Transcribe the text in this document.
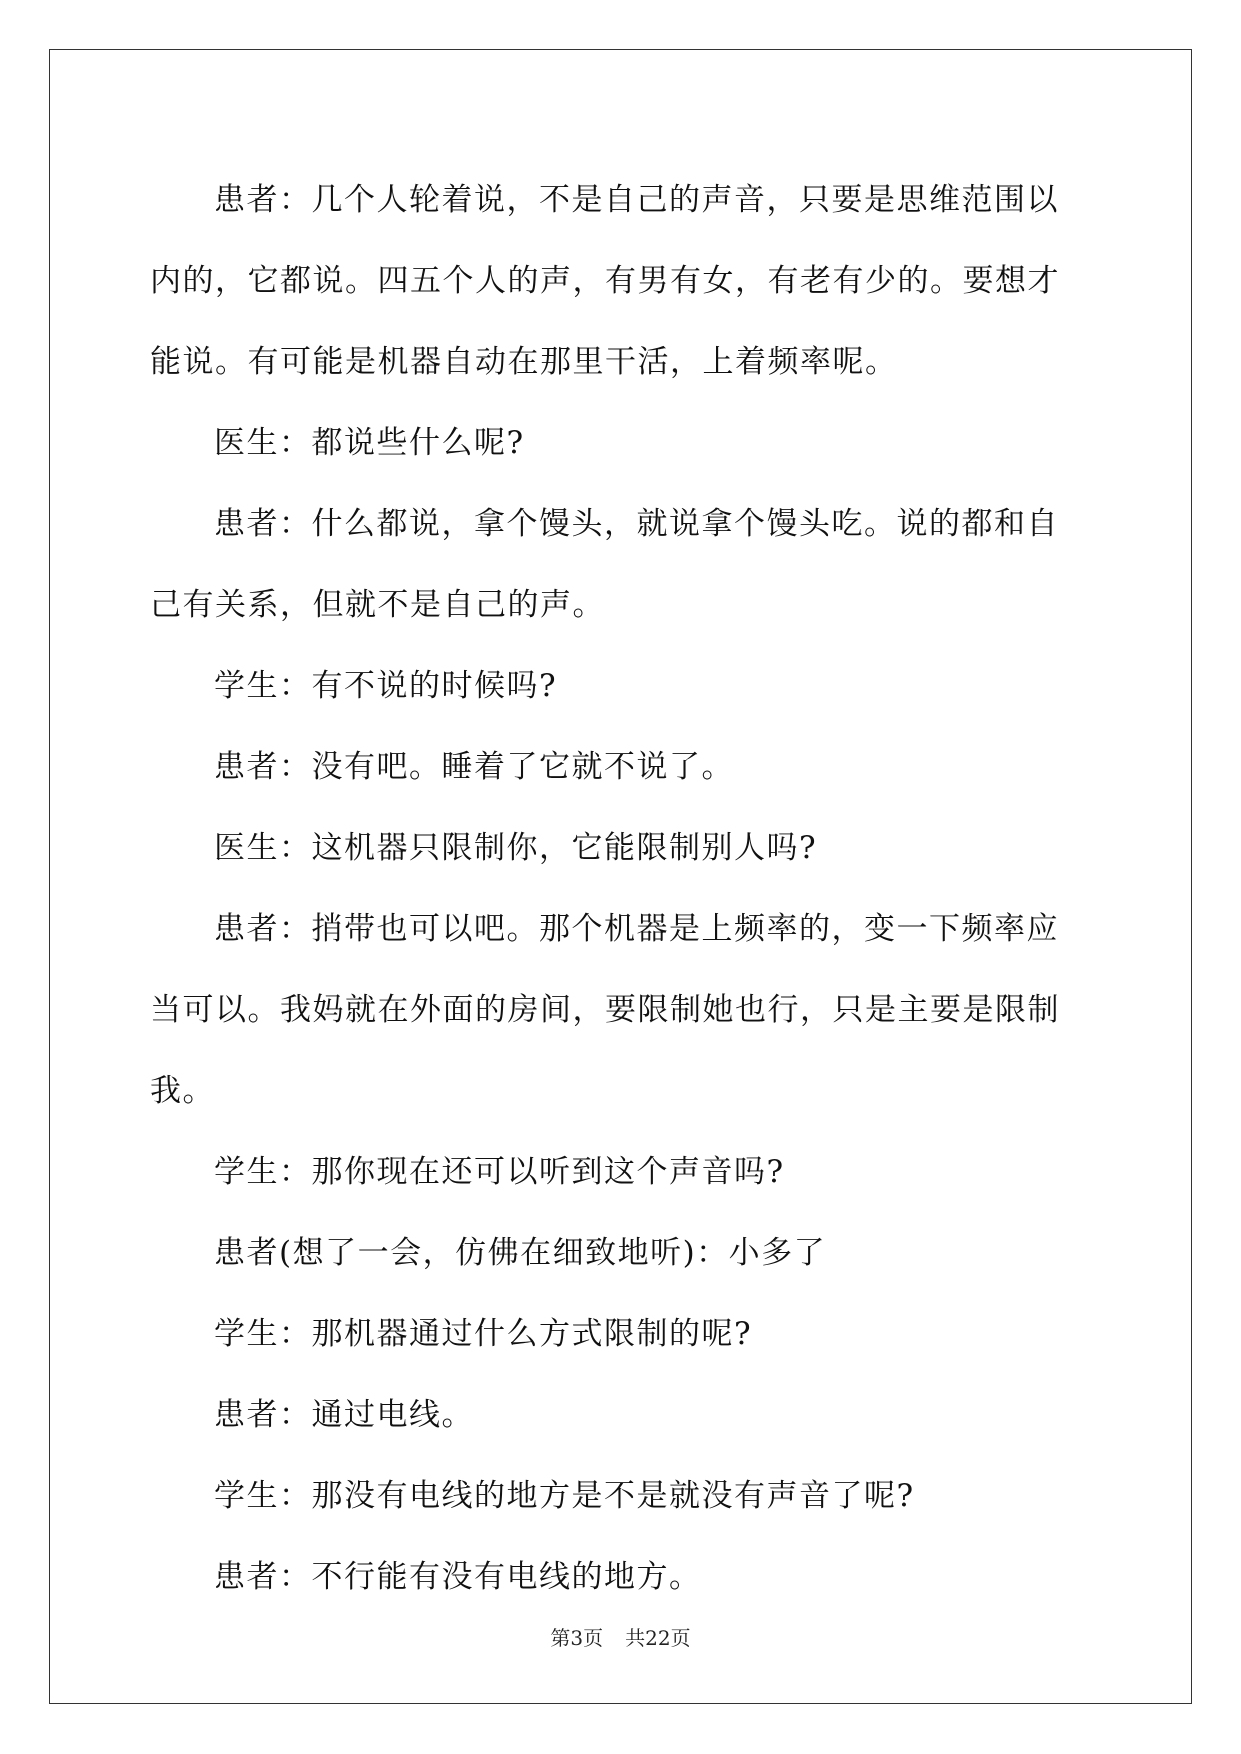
患者：几个人轮着说，不是自己的声音，只要是思维范围以内的，它都说。四五个人的声，有男有女，有老有少的。要想才能说。有可能是机器自动在那里干活，上着频率呢。

医生：都说些什么呢?

患者：什么都说，拿个馒头，就说拿个馒头吃。说的都和自己有关系，但就不是自己的声。

学生：有不说的时候吗?

患者：没有吧。睡着了它就不说了。

医生：这机器只限制你，它能限制别人吗?

患者：捎带也可以吧。那个机器是上频率的，变一下频率应当可以。我妈就在外面的房间，要限制她也行，只是主要是限制我。

学生：那你现在还可以听到这个声音吗?

患者(想了一会，仿佛在细致地听)：小多了

学生：那机器通过什么方式限制的呢?

患者：通过电线。

学生：那没有电线的地方是不是就没有声音了呢?

患者：不行能有没有电线的地方。

第3页 共22页
